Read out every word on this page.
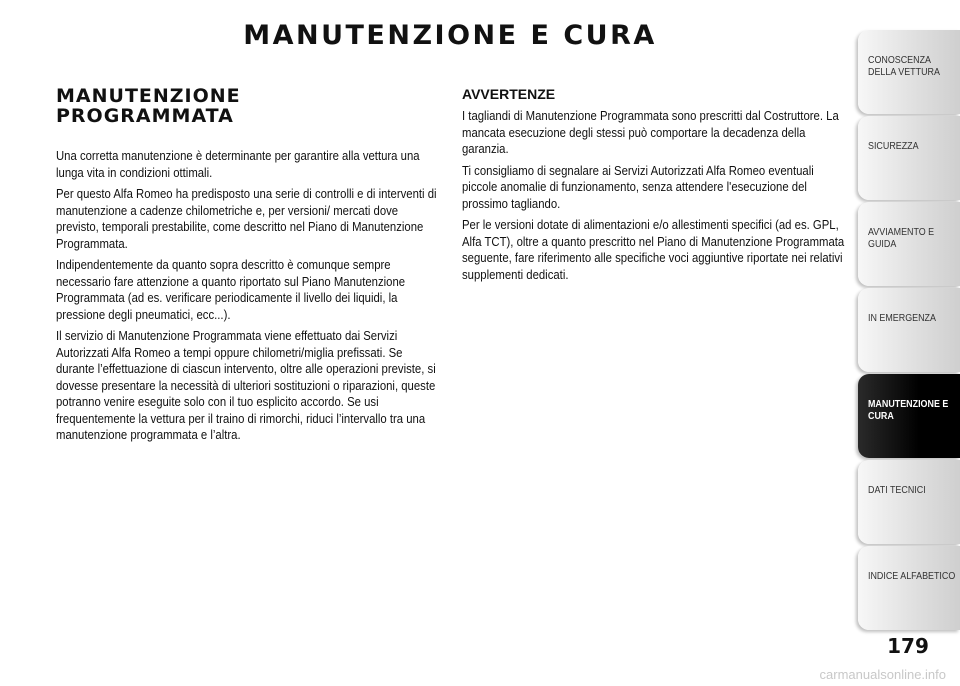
MANUTENZIONE E CURA
MANUTENZIONE
PROGRAMMATA

Una corretta manutenzione è determinante per garantire alla vettura una lunga vita in condizioni ottimali.

Per questo Alfa Romeo ha predisposto una serie di controlli e di interventi di manutenzione a cadenze chilometriche e, per versioni/ mercati dove previsto, temporali prestabilite, come descritto nel Piano di Manutenzione Programmata.

Indipendentemente da quanto sopra descritto è comunque sempre necessario fare attenzione a quanto riportato sul Piano Manutenzione Programmata (ad es. verificare periodicamente il livello dei liquidi, la pressione degli pneumatici, ecc...).

Il servizio di Manutenzione Programmata viene effettuato dai Servizi Autorizzati Alfa Romeo a tempi oppure chilometri/miglia prefissati. Se durante l’effettuazione di ciascun intervento, oltre alle operazioni previste, si dovesse presentare la necessità di ulteriori sostituzioni o riparazioni, queste potranno venire eseguite solo con il tuo esplicito accordo. Se usi frequentemente la vettura per il traino di rimorchi, riduci l’intervallo tra una manutenzione programmata e l’altra.

AVVERTENZE

I tagliandi di Manutenzione Programmata sono prescritti dal Costruttore. La mancata esecuzione degli stessi può comportare la decadenza della garanzia.

Ti consigliamo di segnalare ai Servizi Autorizzati Alfa Romeo eventuali piccole anomalie di funzionamento, senza attendere l'esecuzione del prossimo tagliando.

Per le versioni dotate di alimentazioni e/o allestimenti specifici (ad es. GPL, Alfa TCT), oltre a quanto prescritto nel Piano di Manutenzione Programmata seguente, fare riferimento alle specifiche voci aggiuntive riportate nei relativi supplementi dedicati.

CONOSCENZA
DELLA VETTURA
SICUREZZA

AVVIAMENTO E
GUIDA
IN EMERGENZA

MANUTENZIONE E
CURA
DATI TECNICI

INDICE ALFABETICO

179
carmanualsonline.info
